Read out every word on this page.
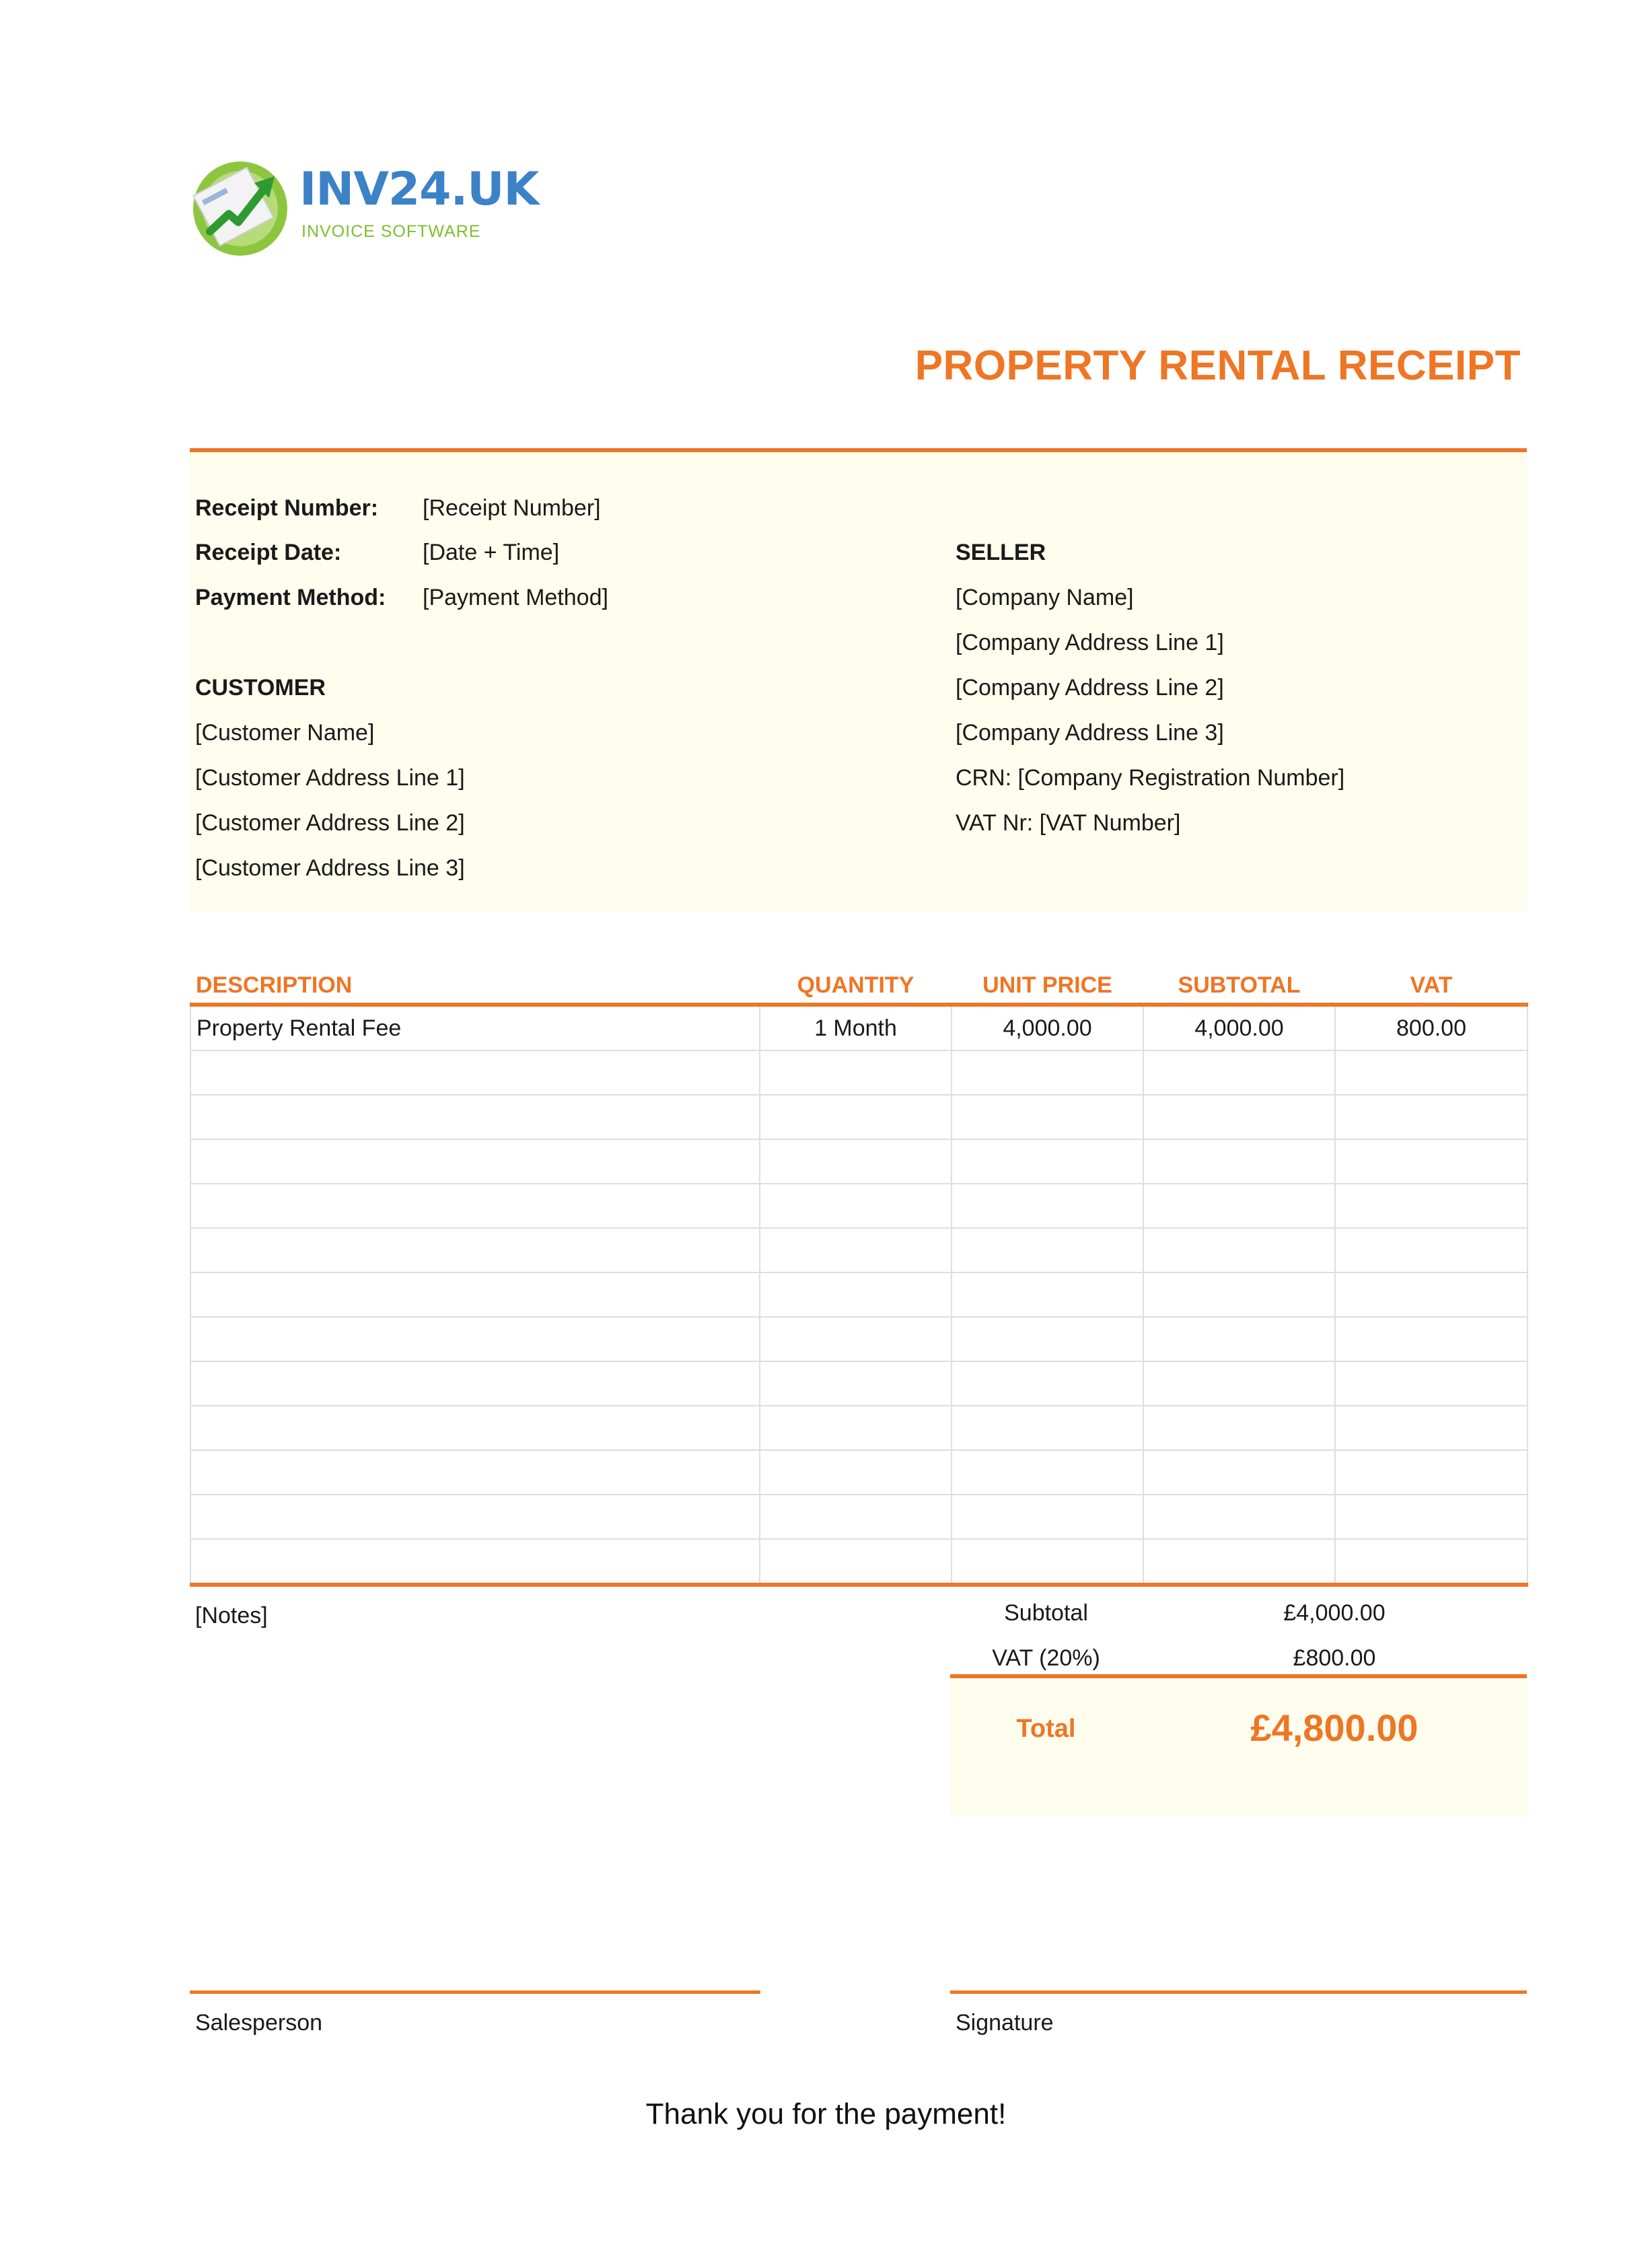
INV24.UK
INVOICE SOFTWARE
PROPERTY RENTAL RECEIPT
Receipt Number: [Receipt Number]
Receipt Date:	[Date + Time]
Payment Method: [Payment Method]
CUSTOMER
[Customer Name]
[Customer Address Line 1]
[Customer Address Line 2]
[Customer Address Line 3]
SELLER
[Company Name]
[Company Address Line 1]
[Company Address Line 2]
[Company Address Line 3]
CRN: [Company Registration Number]
VAT Nr: [VAT Number]
DESCRIPTION	QUANTITY	UNIT PRICE	SUBTOTAL	VAT
Property Rental Fee	1 Month	4,000.00	4,000.00	800.00

[Notes]	Subtotal	£4,000.00
VAT (20%)	£800.00
Total	£4,800.00
Salesperson	Signature
Thank you for the payment!
